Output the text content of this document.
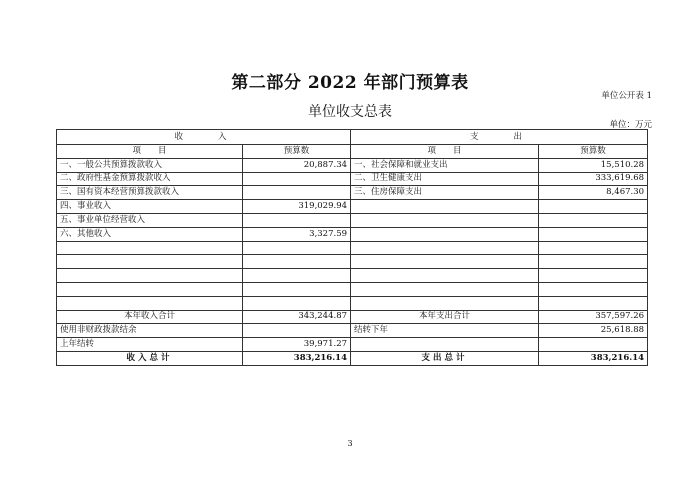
第二部分 2022 年部门预算表
单位公开表 1
单位收支总表
单位：万元
收　　入		支　　出	
项　　目	预算数	项　　目	预算数
一、一般公共预算拨款收入	20,887.34	一、社会保障和就业支出	15,510.28
二、政府性基金预算拨款收入		二、卫生健康支出	333,619.68
三、国有资本经营预算拨款收入		三、住房保障支出	8,467.30
四、事业收入	319,029.94		
五、事业单位经营收入			
六、其他收入	3,327.59		

本年收入合计	343,244.87	本年支出合计	357,597.26
使用非财政拨款结余		结转下年	25,618.88
上年结转	39,971.27		
收入总计	383,216.14	支出总计	383,216.14
3
